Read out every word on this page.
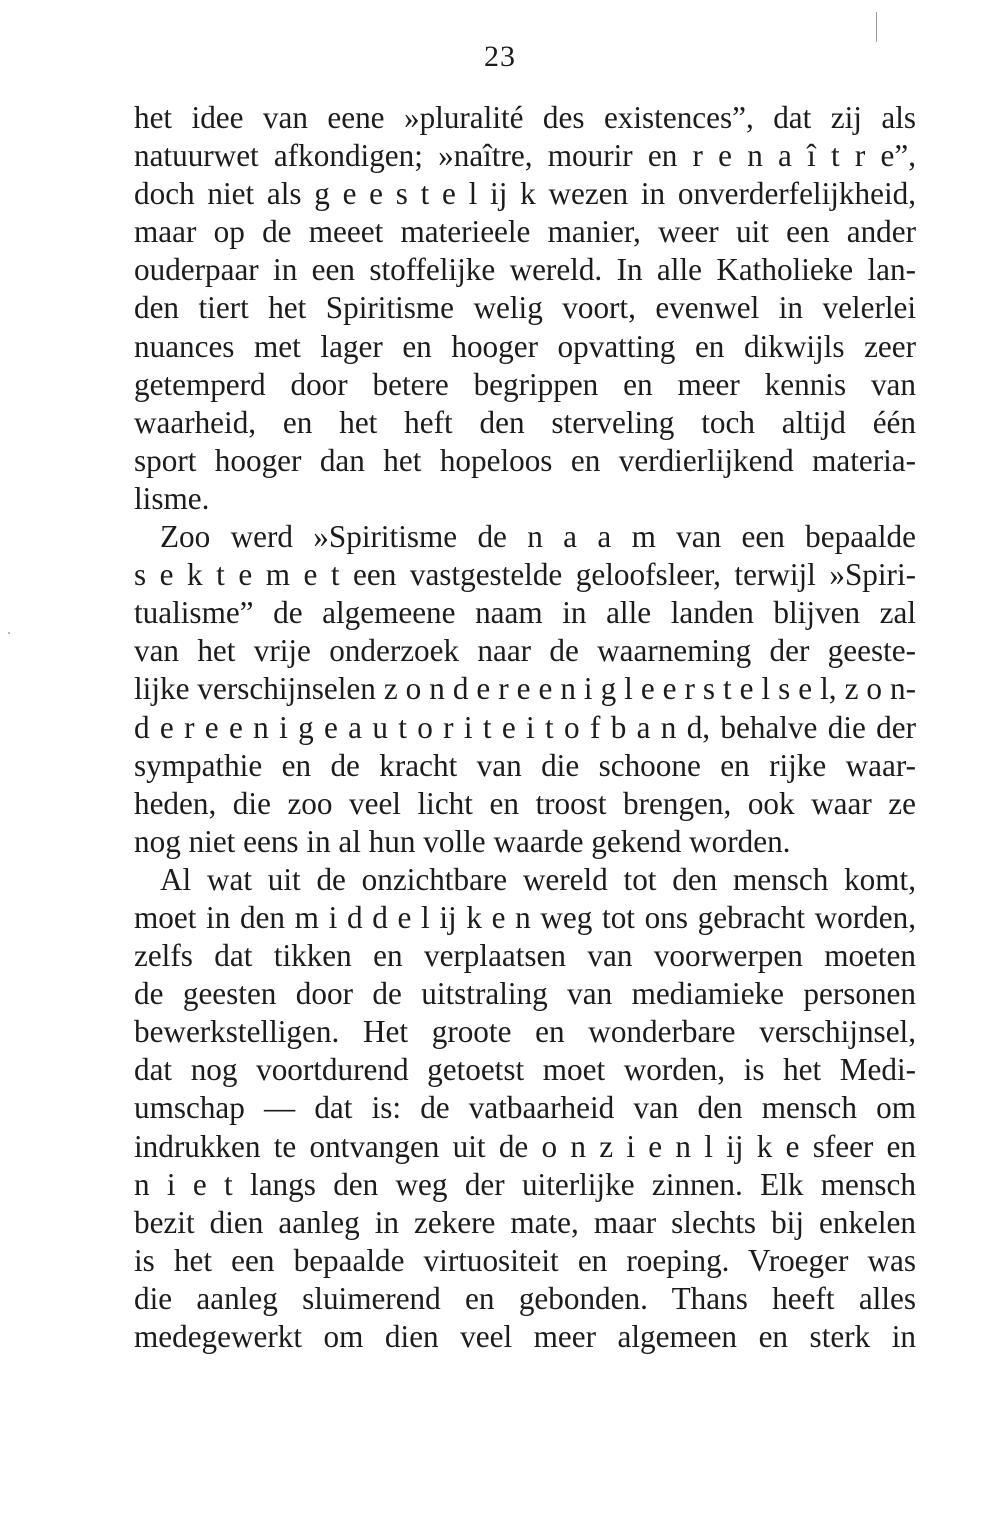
23
het idee van eene »pluralité des existences”, dat zij als
natuurwet afkondigen; »naître, mourir en r e n a î t r e”,
doch niet als g e e s t e l ij k wezen in onverderfelijkheid,
maar op de meeet materieele manier, weer uit een ander
ouderpaar in een stoffelijke wereld. In alle Katholieke lan-
den tiert het Spiritisme welig voort, evenwel in velerlei
nuances met lager en hooger opvatting en dikwijls zeer
getemperd door betere begrippen en meer kennis van
waarheid, en het heft den sterveling toch altijd één
sport hooger dan het hopeloos en verdierlijkend materia-
lisme.
Zoo werd »Spiritisme de n a a m van een bepaalde
s e k t e m e t een vastgestelde geloofsleer, terwijl »Spiri-
tualisme” de algemeene naam in alle landen blijven zal
van het vrije onderzoek naar de waarneming der geeste-
lijke verschijnselen z o n d e r e e n i g l e e r s t e l s e l, z o n-
d e r e e n i g e a u t o r i t e i t o f b a n d, behalve die der
sympathie en de kracht van die schoone en rijke waar-
heden, die zoo veel licht en troost brengen, ook waar ze
nog niet eens in al hun volle waarde gekend worden.
Al wat uit de onzichtbare wereld tot den mensch komt,
moet in den m i d d e l ij k e n weg tot ons gebracht worden,
zelfs dat tikken en verplaatsen van voorwerpen moeten
de geesten door de uitstraling van mediamieke personen
bewerkstelligen. Het groote en wonderbare verschijnsel,
dat nog voortdurend getoetst moet worden, is het Medi-
umschap — dat is: de vatbaarheid van den mensch om
indrukken te ontvangen uit de o n z i e n l ij k e sfeer en
n i e t langs den weg der uiterlijke zinnen. Elk mensch
bezit dien aanleg in zekere mate, maar slechts bij enkelen
is het een bepaalde virtuositeit en roeping. Vroeger was
die aanleg sluimerend en gebonden. Thans heeft alles
medegewerkt om dien veel meer algemeen en sterk in
